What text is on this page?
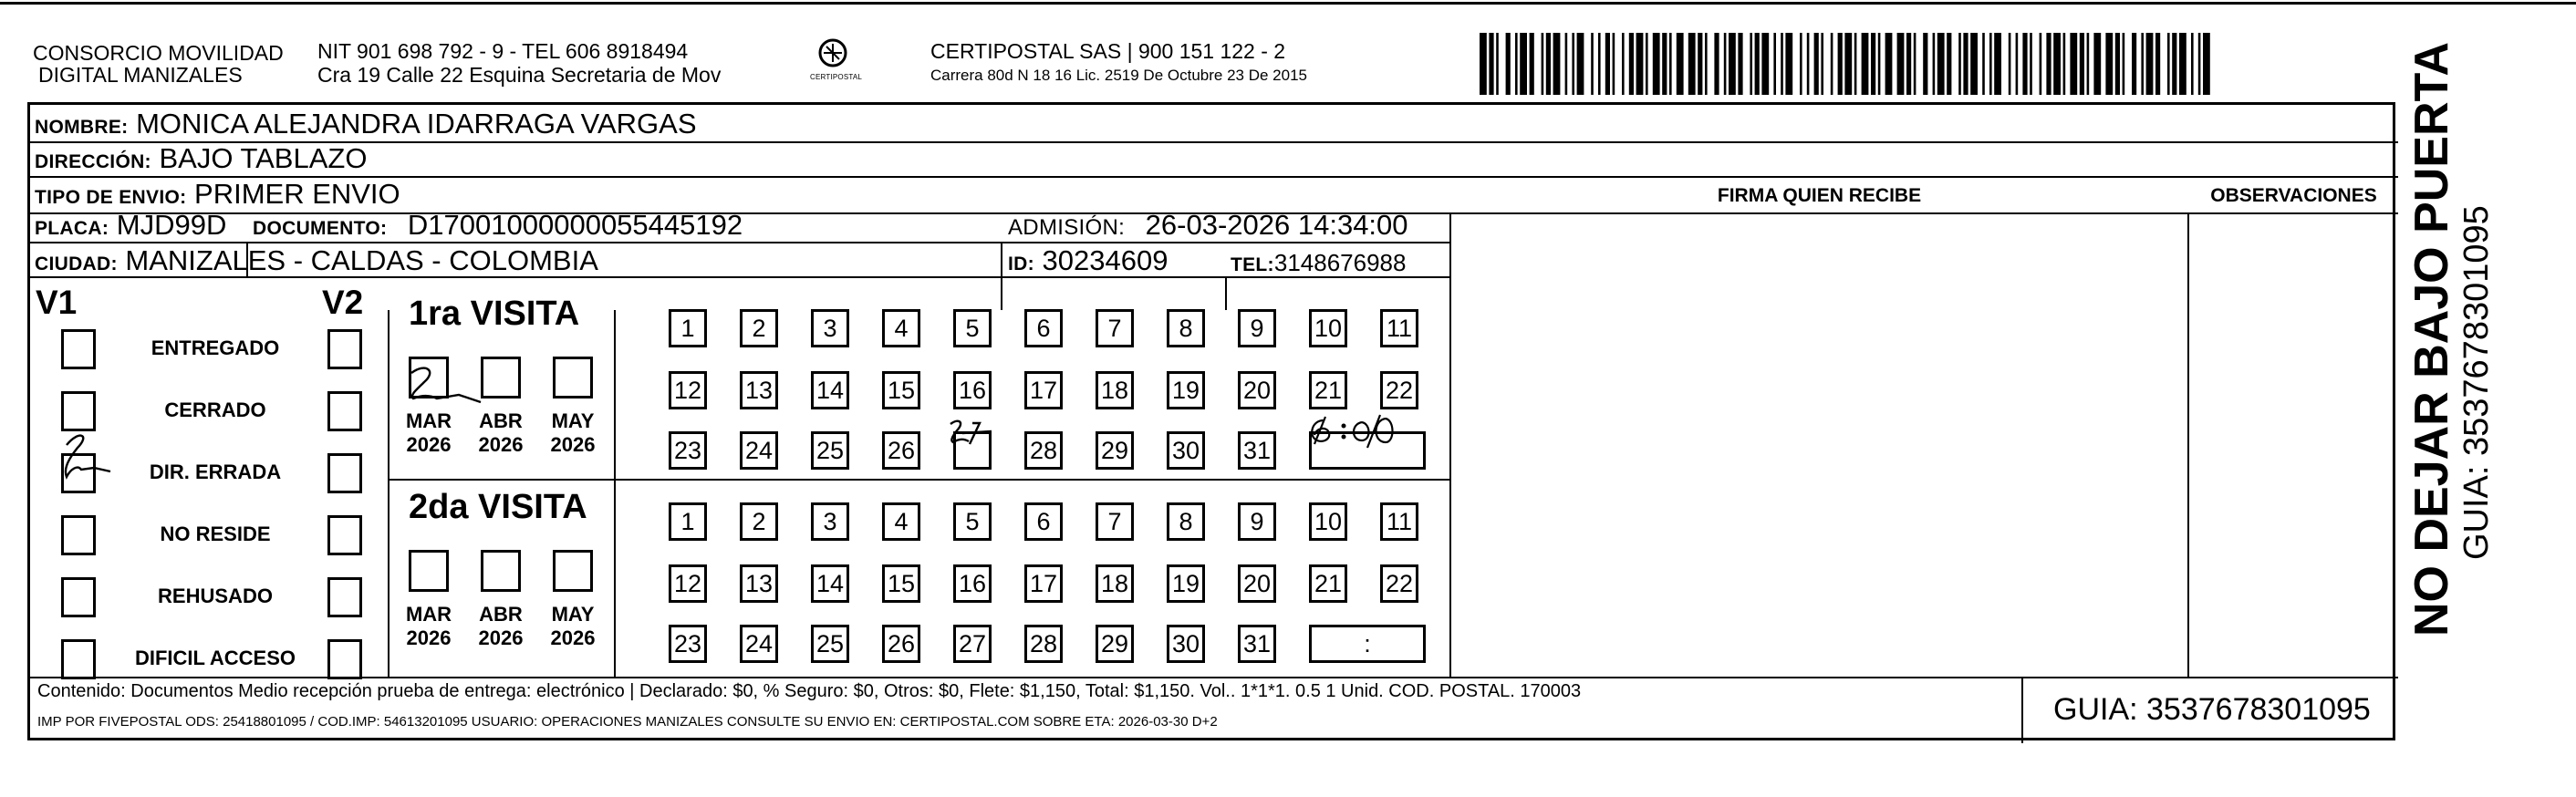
CONSORCIO MOVILIDAD
DIGITAL MANIZALES
NIT 901 698 792 - 9 - TEL 606 8918494
Cra 19 Calle 22 Esquina Secretaria de Mov	CERTIPOSTAL
CERTIPOSTAL SAS | 900 151 122 - 2
Carrera 80d N 18 16 Lic. 2519 De Octubre 23 De 2015
NOMBRE: MONICA ALEJANDRA IDARRAGA VARGAS
DIRECCIÓN: BAJO TABLAZO
TIPO DE ENVIO: PRIMER ENVIO	FIRMA QUIEN RECIBE	OBSERVACIONES
PLACA: MJD99D DOCUMENTO: D17001000000055445192	ADMISIÓN: 26-03-2026 14:34:00
CIUDAD: MANIZALES - CALDAS - COLOMBIA	ID: 30234609	TEL:3148676988
V1	V2
ENTREGADO
CERRADO
DIR. ERRADA
NO RESIDE
REHUSADO
DIFICIL ACCESO
1ra VISITA
2da VISITA
MAR
2026
ABR
2026
MAY
2026
1	2	3	4	5	6	7	8	9	10 11
12 13 14 15 16 17 18 19 20 21 22
23 24 25 26	28 29 30 31
MAR
2026
ABR
2026
MAY
2026
1	2	3	4	5	6	7	8	9	10 11
12 13 14 15 16 17 18 19 20 21 22
23 24 25 26 27 28 29 30 31	:
Contenido: Documentos Medio recepción prueba de entrega: electrónico | Declarado: $0, % Seguro: $0, Otros: $0, Flete: $1,150, Total: $1,150. Vol.. 1*1*1. 0.5 1 Unid. COD. POSTAL. 170003
IMP POR FIVEPOSTAL ODS: 25418801095 / COD.IMP: 54613201095 USUARIO: OPERACIONES MANIZALES CONSULTE SU ENVIO EN: CERTIPOSTAL.COM SOBRE ETA: 2026-03-30 D+2	GUIA: 3537678301095
NO DEJAR BAJO PUERTA GUIA: 3537678301095
